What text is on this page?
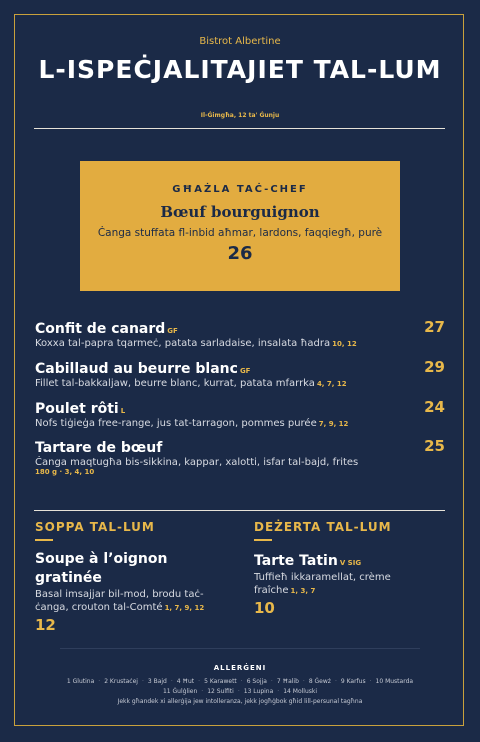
Bistrot Albertine
L-ISPEĊJALITAJIET TAL-LUM
Il-Ġimgħa, 12 ta' Ġunju
GĦAŻLA TAĊ-CHEF
Bœuf bourguignon
Ċanga stuffata fl-inbid aħmar, lardons, faqqiegħ, purè
26
Confit de canard GF
Koxxa tal-papra tqarmeċ, patata sarladaise, insalata ħadra 10, 12
27
Cabillaud au beurre blanc GF
Fillet tal-bakkaljaw, beurre blanc, kurrat, patata mfarrka 4, 7, 12
29
Poulet rôti L
Nofs tiġieġa free-range, jus tat-tarragon, pommes purée 7, 9, 12
24
Tartare de bœuf
Ċanga maqtugħa bis-sikkina, kappar, xalotti, isfar tal-bajd, frites
180 g · 3, 4, 10
25
SOPPA TAL-LUM
Soupe à l’oignon
gratinée
Basal imsajjar bil-mod, brodu taċ-
ċanga, crouton tal-Comté 1, 7, 9, 12
12
DEŻERTA TAL-LUM
Tarte Tatin V SIG
Tuffieħ ikkaramellat, crème
fraîche 1, 3, 7
10
ALLERĠENI
1 Glutina · 2 Krustaċej · 3 Bajd · 4 Ħut · 5 Karawett · 6 Sojja · 7 Ħalib · 8 Ġewż · 9 Karfus · 10 Mustarda
11 Ġulġlien · 12 Sulfiti · 13 Lupina · 14 Molluski
Jekk għandek xi allerġija jew intolleranza, jekk jogħġbok għid lill-persunal tagħna
